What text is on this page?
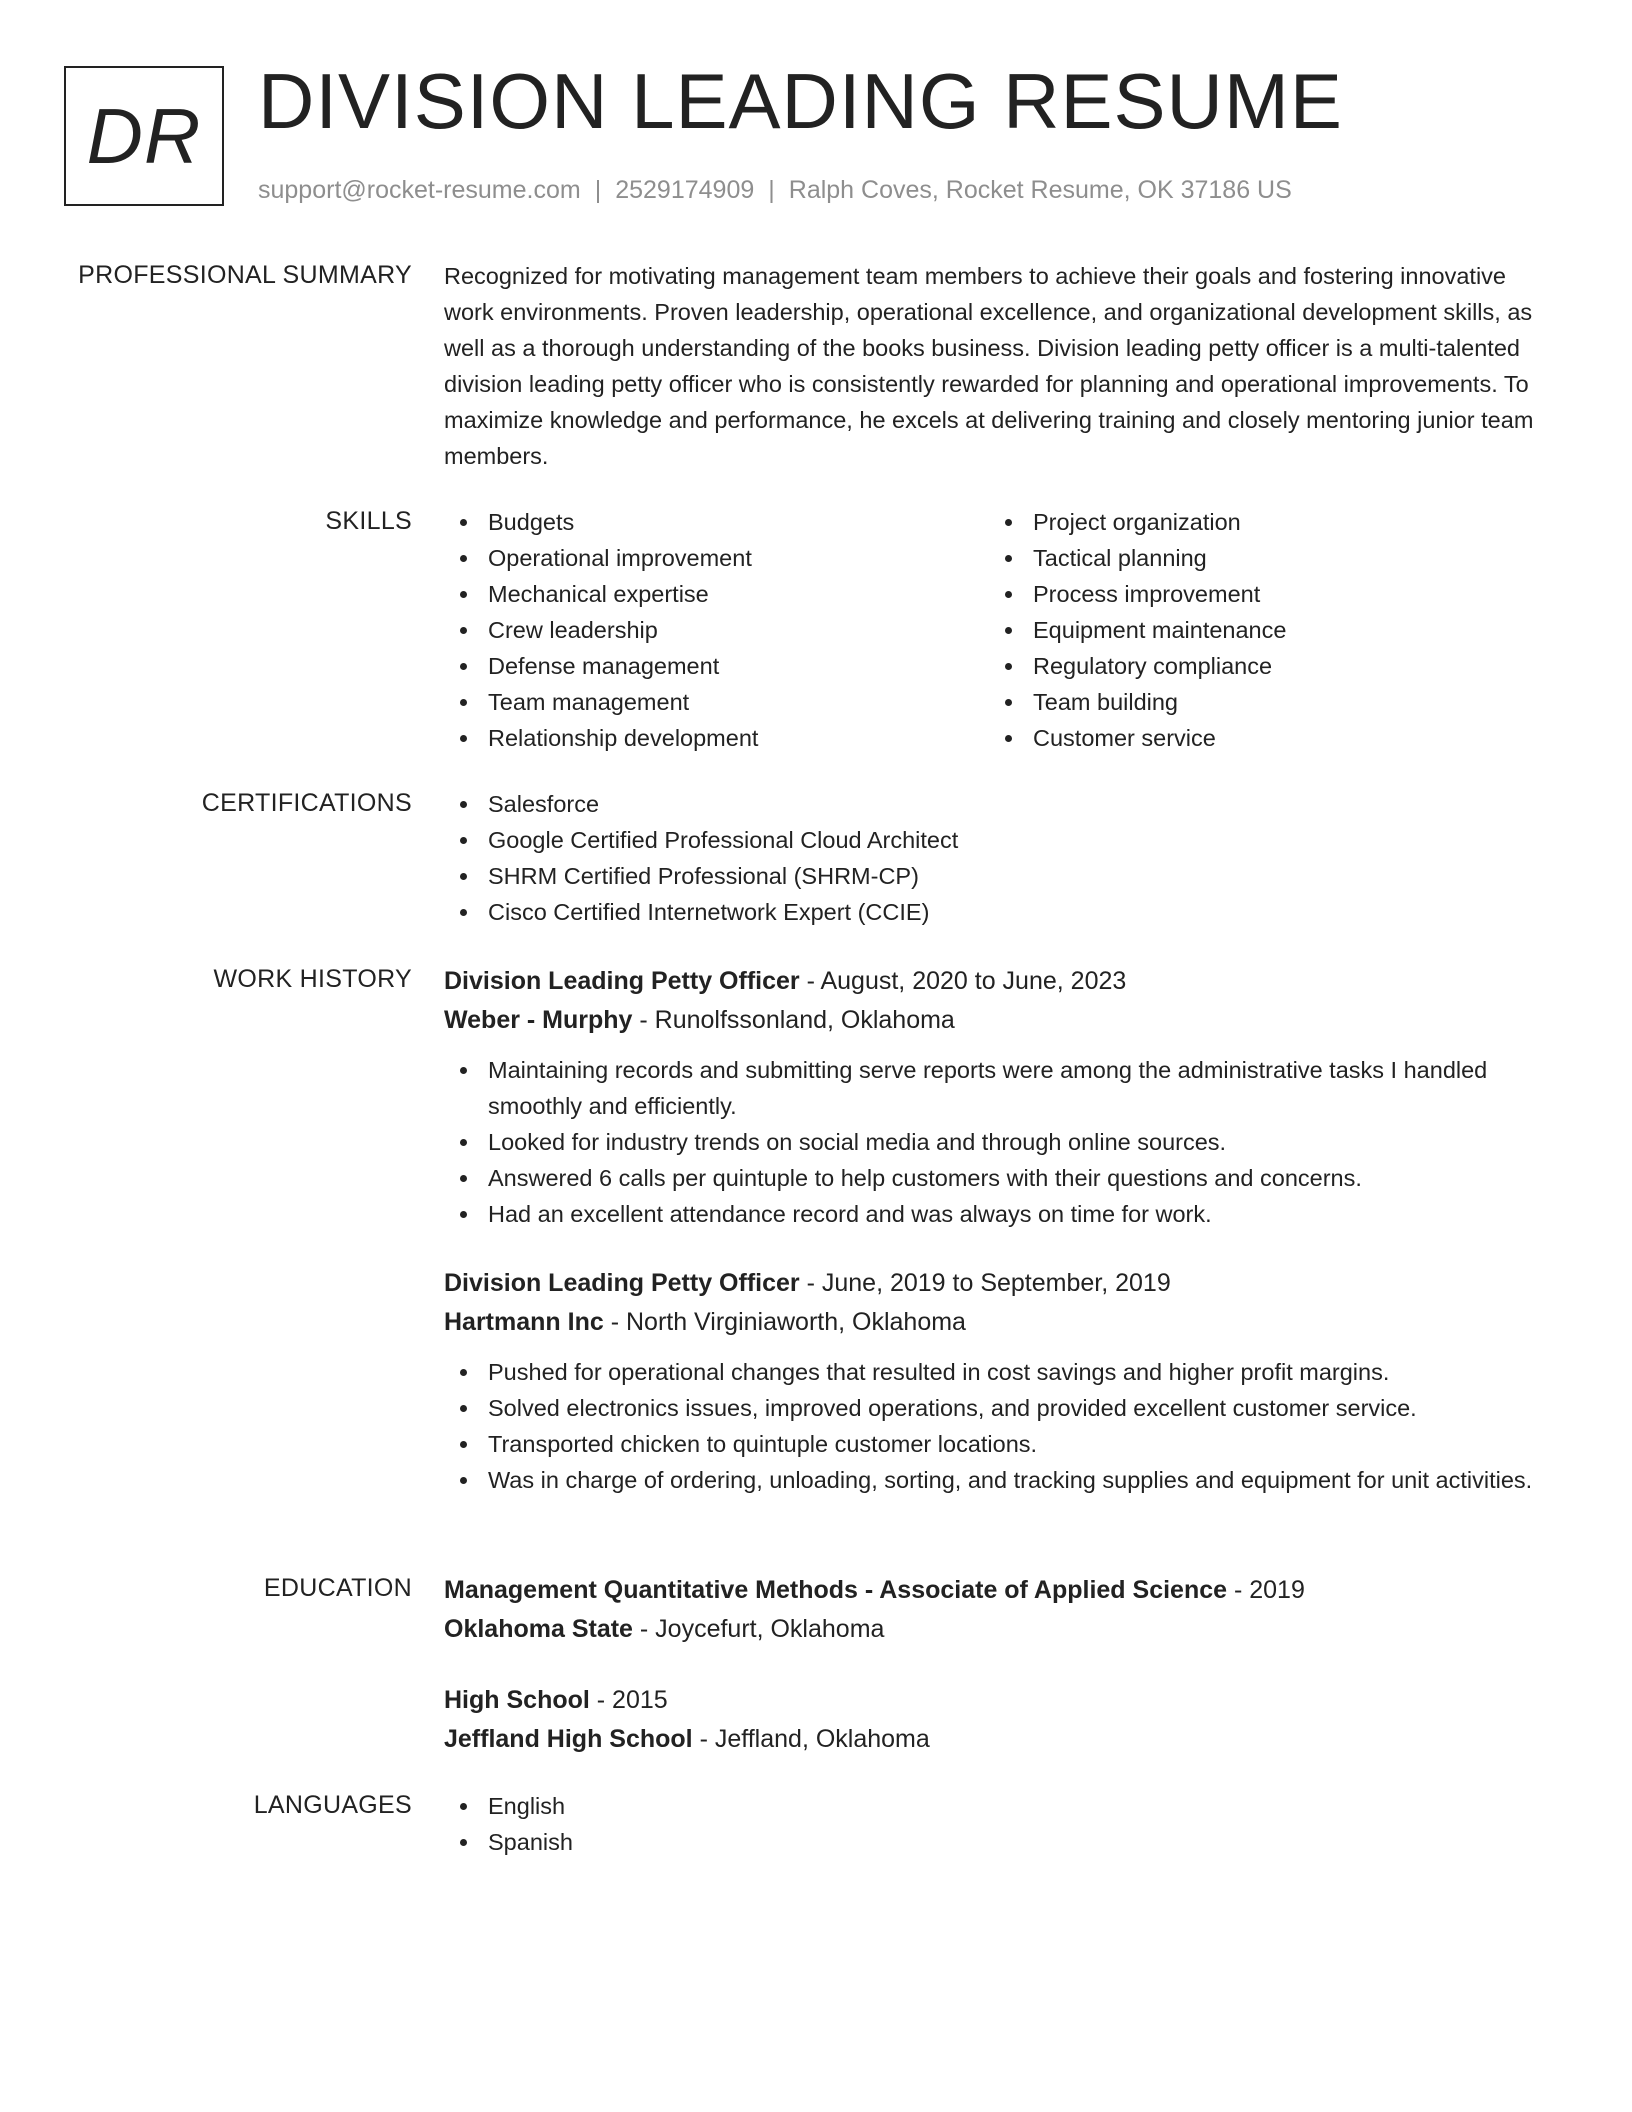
DR DIVISION LEADING RESUME
support@rocket-resume.com | 2529174909 | Ralph Coves, Rocket Resume, OK 37186 US
PROFESSIONAL SUMMARY Recognized for motivating management team members to achieve their goals and fostering innovative work environments. Proven leadership, operational excellence, and organizational development skills, as well as a thorough understanding of the books business. Division leading petty officer is a multi-talented division leading petty officer who is consistently rewarded for planning and operational improvements. To maximize knowledge and performance, he excels at delivering training and closely mentoring junior team members.

SKILLS	Budgets
Operational improvement
Mechanical expertise
Crew leadership
Defense management
Team management
Relationship development
Project organization
Tactical planning
Process improvement
Equipment maintenance
Regulatory compliance
Team building
Customer service
CERTIFICATIONS	Salesforce
Google Certified Professional Cloud Architect
SHRM Certified Professional (SHRM-CP)
Cisco Certified Internetwork Expert (CCIE)
WORK HISTORY Division Leading Petty Officer - August, 2020 to June, 2023
Weber - Murphy - Runolfssonland, Oklahoma
Maintaining records and submitting serve reports were among the administrative tasks I handled smoothly and efficiently.
Looked for industry trends on social media and through online sources.
Answered 6 calls per quintuple to help customers with their questions and concerns.
Had an excellent attendance record and was always on time for work.
Division Leading Petty Officer - June, 2019 to September, 2019
Hartmann Inc - North Virginiaworth, Oklahoma
Pushed for operational changes that resulted in cost savings and higher profit margins.
Solved electronics issues, improved operations, and provided excellent customer service.
Transported chicken to quintuple customer locations.
Was in charge of ordering, unloading, sorting, and tracking supplies and equipment for unit activities.
EDUCATION Management Quantitative Methods - Associate of Applied Science - 2019
Oklahoma State - Joycefurt, Oklahoma
High School - 2015
Jeffland High School - Jeffland, Oklahoma
LANGUAGES	English
Spanish
